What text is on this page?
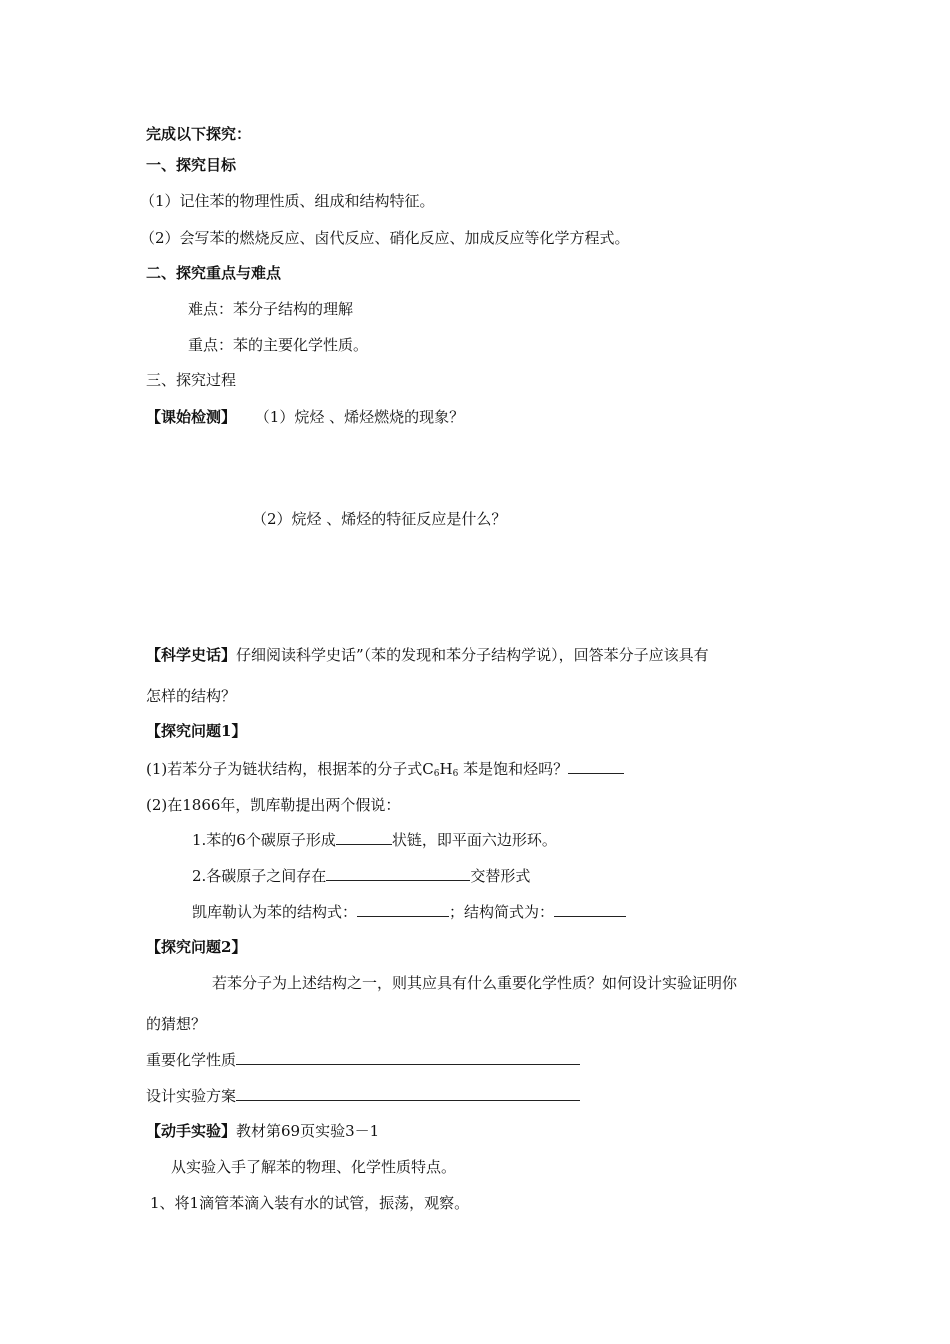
完成以下探究：
一、探究目标
（1）记住苯的物理性质、组成和结构特征。
（2）会写苯的燃烧反应、卤代反应、硝化反应、加成反应等化学方程式。
二、探究重点与难点
难点：苯分子结构的理解
重点：苯的主要化学性质。
三、探究过程
【课始检测】 （1）烷烃 、烯烃燃烧的现象？
（2）烷烃 、烯烃的特征反应是什么？
【科学史话】仔细阅读科学史话”（苯的发现和苯分子结构学说），回答苯分子应该具有
怎样的结构？
【探究问题1】
(1)若苯分子为链状结构，根据苯的分子式$C_6H_6$ 苯是饱和烃吗？
(2)在1866年，凯库勒提出两个假说：
1.苯的6个碳原子形成	状链，即平面六边形环。
2.各碳原子之间存在	交替形式
凯库勒认为苯的结构式：	；结构简式为：
【探究问题2】
若苯分子为上述结构之一，则其应具有什么重要化学性质？如何设计实验证明你
的猜想？
重要化学性质
设计实验方案
【动手实验】教材第69页实验3－1
从实验入手了解苯的物理、化学性质特点。
1、将1滴管苯滴入装有水的试管，振荡，观察。
